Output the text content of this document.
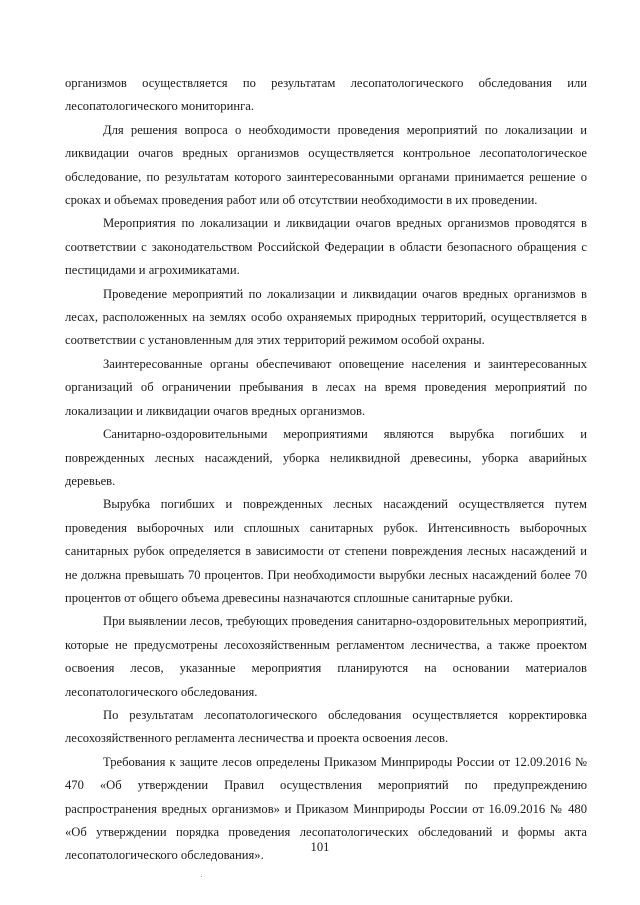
организмов осуществляется по результатам лесопатологического обследования или лесопатологического мониторинга.

Для решения вопроса о необходимости проведения мероприятий по локализации и ликвидации очагов вредных организмов осуществляется контрольное лесопатологическое обследование, по результатам которого заинтересованными органами принимается решение о сроках и объемах проведения работ или об отсутствии необходимости в их проведении.

Мероприятия по локализации и ликвидации очагов вредных организмов проводятся в соответствии с законодательством Российской Федерации в области безопасного обращения с пестицидами и агрохимикатами.

Проведение мероприятий по локализации и ликвидации очагов вредных организмов в лесах, расположенных на землях особо охраняемых природных территорий, осуществляется в соответствии с установленным для этих территорий режимом особой охраны.

Заинтересованные органы обеспечивают оповещение населения и заинтересованных организаций об ограничении пребывания в лесах на время проведения мероприятий по локализации и ликвидации очагов вредных организмов.

Санитарно-оздоровительными мероприятиями являются вырубка погибших и поврежденных лесных насаждений, уборка неликвидной древесины, уборка аварийных деревьев.

Вырубка погибших и поврежденных лесных насаждений осуществляется путем проведения выборочных или сплошных санитарных рубок. Интенсивность выборочных санитарных рубок определяется в зависимости от степени повреждения лесных насаждений и не должна превышать 70 процентов. При необходимости вырубки лесных насаждений более 70 процентов от общего объема древесины назначаются сплошные санитарные рубки.

При выявлении лесов, требующих проведения санитарно-оздоровительных мероприятий, которые не предусмотрены лесохозяйственным регламентом лесничества, а также проектом освоения лесов, указанные мероприятия планируются на основании материалов лесопатологического обследования.

По результатам лесопатологического обследования осуществляется корректировка лесохозяйственного регламента лесничества и проекта освоения лесов.

Требования к защите лесов определены Приказом Минприроды России от 12.09.2016 № 470 «Об утверждении Правил осуществления мероприятий по предупреждению распространения вредных организмов» и Приказом Минприроды России от 16.09.2016 № 480 «Об утверждении порядка проведения лесопатологических обследований и формы акта лесопатологического обследования».

101
